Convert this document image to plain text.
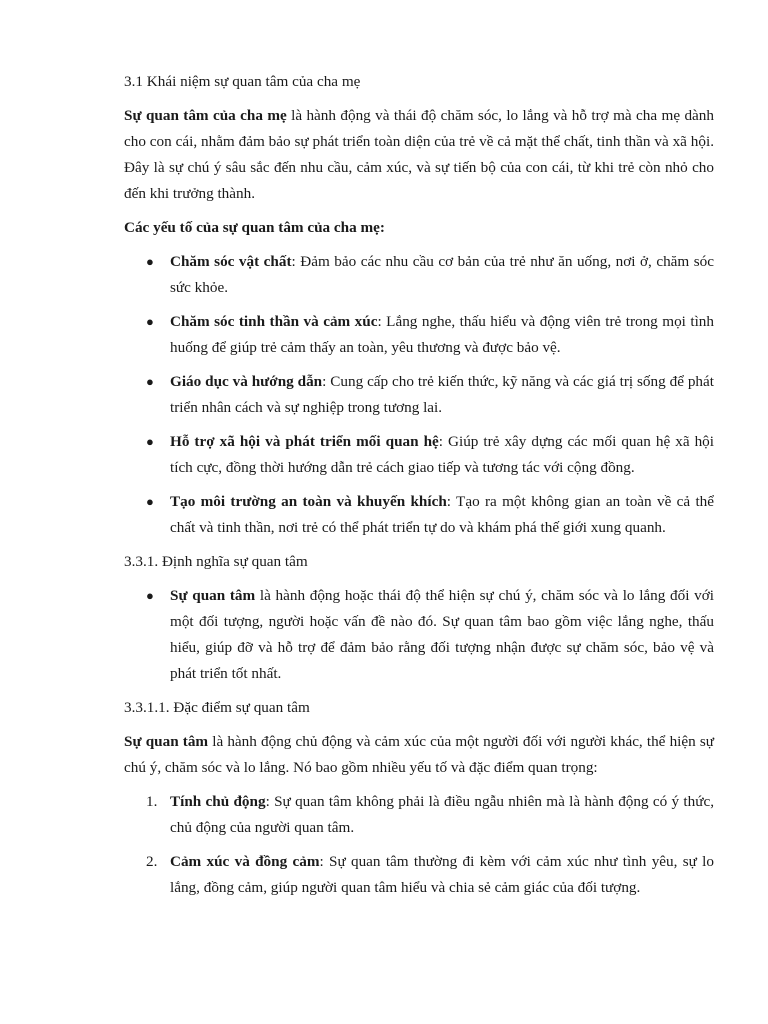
3.1 Khái niệm sự quan tâm của cha mẹ

Sự quan tâm của cha mẹ là hành động và thái độ chăm sóc, lo lắng và hỗ trợ mà cha mẹ dành cho con cái, nhằm đảm bảo sự phát triển toàn diện của trẻ về cả mặt thể chất, tinh thần và xã hội. Đây là sự chú ý sâu sắc đến nhu cầu, cảm xúc, và sự tiến bộ của con cái, từ khi trẻ còn nhỏ cho đến khi trưởng thành.

Các yếu tố của sự quan tâm của cha mẹ:

● Chăm sóc vật chất: Đảm bảo các nhu cầu cơ bản của trẻ như ăn uống, nơi ở, chăm sóc sức khỏe.
● Chăm sóc tinh thần và cảm xúc: Lắng nghe, thấu hiểu và động viên trẻ trong mọi tình huống để giúp trẻ cảm thấy an toàn, yêu thương và được bảo vệ.
● Giáo dục và hướng dẫn: Cung cấp cho trẻ kiến thức, kỹ năng và các giá trị sống để phát triển nhân cách và sự nghiệp trong tương lai.
● Hỗ trợ xã hội và phát triển mối quan hệ: Giúp trẻ xây dựng các mối quan hệ xã hội tích cực, đồng thời hướng dẫn trẻ cách giao tiếp và tương tác với cộng đồng.
● Tạo môi trường an toàn và khuyến khích: Tạo ra một không gian an toàn về cả thể chất và tinh thần, nơi trẻ có thể phát triển tự do và khám phá thế giới xung quanh.

3.3.1. Định nghĩa sự quan tâm

● Sự quan tâm là hành động hoặc thái độ thể hiện sự chú ý, chăm sóc và lo lắng đối với một đối tượng, người hoặc vấn đề nào đó. Sự quan tâm bao gồm việc lắng nghe, thấu hiểu, giúp đỡ và hỗ trợ để đảm bảo rằng đối tượng nhận được sự chăm sóc, bảo vệ và phát triển tốt nhất.

3.3.1.1. Đặc điểm sự quan tâm

Sự quan tâm là hành động chủ động và cảm xúc của một người đối với người khác, thể hiện sự chú ý, chăm sóc và lo lắng. Nó bao gồm nhiều yếu tố và đặc điểm quan trọng:

1. Tính chủ động: Sự quan tâm không phải là điều ngẫu nhiên mà là hành động có ý thức, chủ động của người quan tâm.
2. Cảm xúc và đồng cảm: Sự quan tâm thường đi kèm với cảm xúc như tình yêu, sự lo lắng, đồng cảm, giúp người quan tâm hiểu và chia sẻ cảm giác của đối tượng.
